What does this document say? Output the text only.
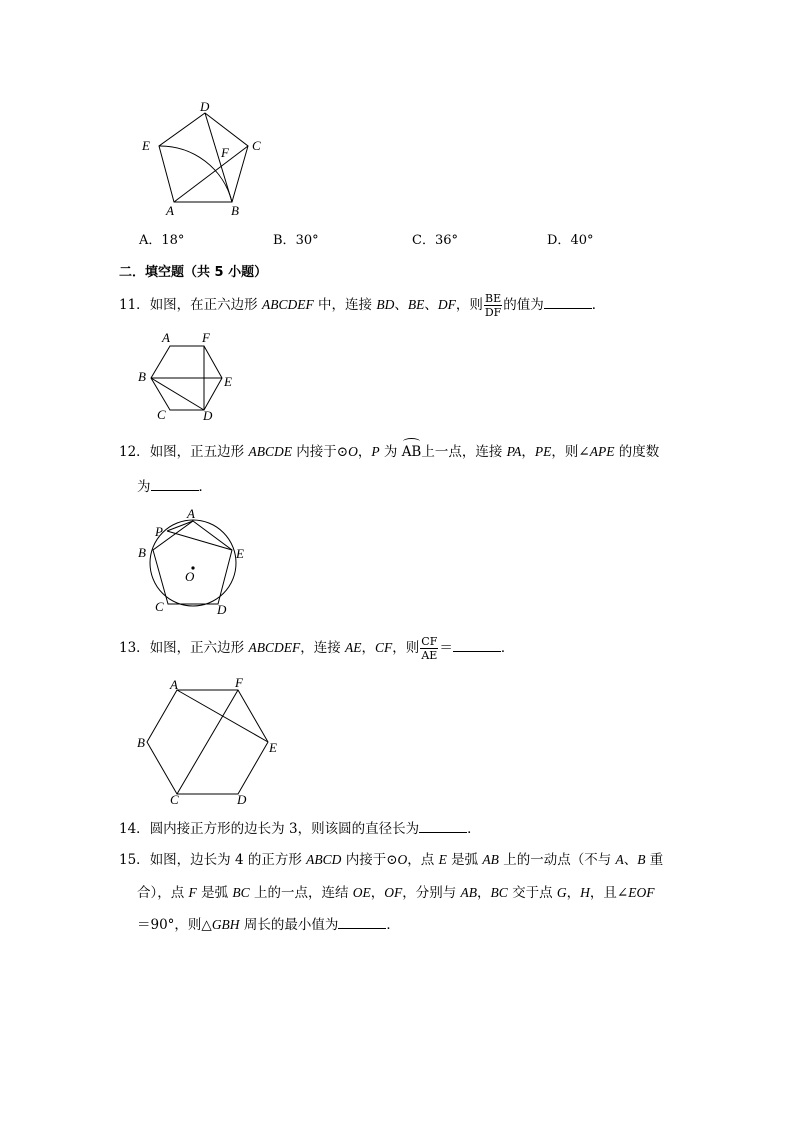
D
E	F C
A	B
A．18°	B．30°	C．36°	D．40°
二．填空题（共 5 小题）
11．如图，在正六边形 ABCDEF 中，连接 BD、BE、DF，则 $\frac{BE}{DF}$ 的值为	．
A F
B	E
C	D
12．如图，正五边形 ABCDE 内接于⊙O，P 为 AB上一点，连接 PA，PE，则∠APE 的度数
为	．
P
A
B	E
O
C	D
13．如图，正六边形 ABCDEF，连接 AE，CF，则 $\frac{CF}{AE}$ ＝	．
A	F
B	E
C	D
14．圆内接正方形的边长为 3，则该圆的直径长为	．
15．如图，边长为 4 的正方形 ABCD 内接于⊙O，点 E 是弧 AB 上的一动点（不与 A、B 重
合），点 F 是弧 BC 上的一点，连结 OE，OF，分别与 AB，BC 交于点 G，H，且∠EOF
＝90°，则△GBH 周长的最小值为	．
